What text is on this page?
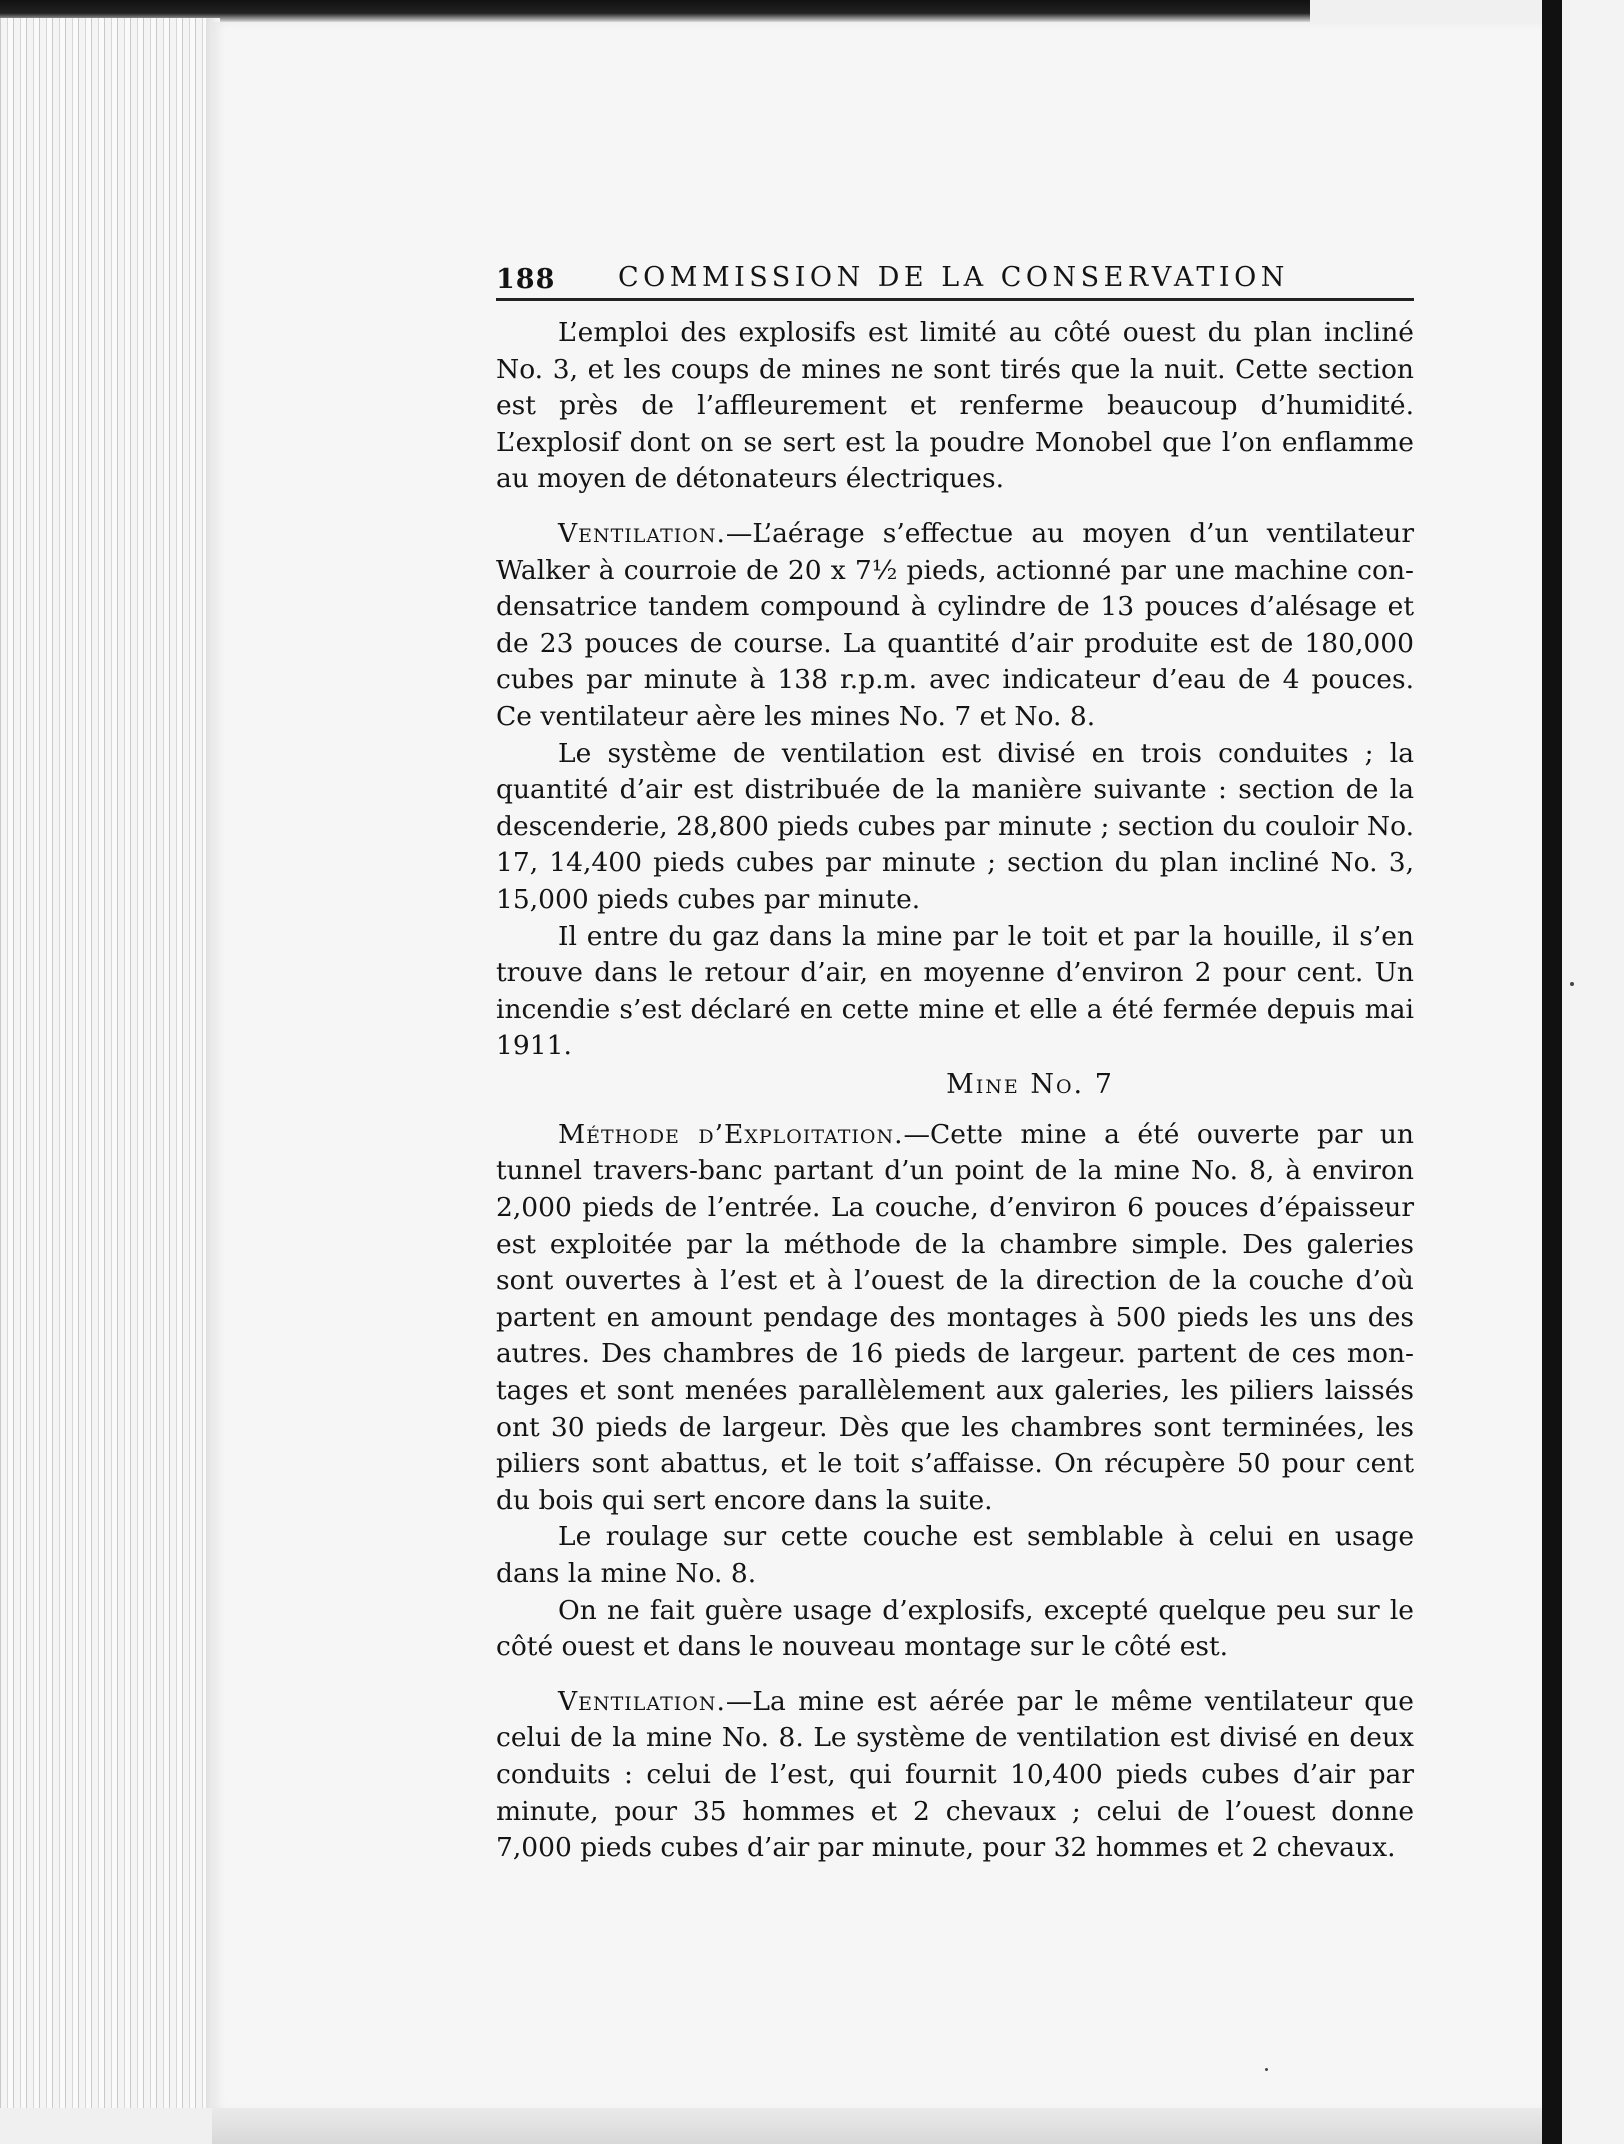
188 COMMISSION DE LA CONSERVATION

L’emploi des explosifs est limité au côté ouest du plan incliné No. 3, et les coups de mines ne sont tirés que la nuit. Cette section est près de l’affleurement et renferme beaucoup d’humidité. L’explosif dont on se sert est la poudre Monobel que l’on enflamme au moyen de détonateurs électriques.

Ventilation.—L’aérage s’effectue au moyen d’un ventilateur Walker à courroie de 20 x 7½ pieds, actionné par une machine condensatrice tandem compound à cylindre de 13 pouces d’alésage et de 23 pouces de course. La quantité d’air produite est de 180,000 cubes par minute à 138 r.p.m. avec indicateur d’eau de 4 pouces. Ce ventilateur aère les mines No. 7 et No. 8.

Le système de ventilation est divisé en trois conduites ; la quantité d’air est distribuée de la manière suivante : section de la descenderie, 28,800 pieds cubes par minute ; section du couloir No. 17, 14,400 pieds cubes par minute ; section du plan incliné No. 3, 15,000 pieds cubes par minute.

Il entre du gaz dans la mine par le toit et par la houille, il s’en trouve dans le retour d’air, en moyenne d’environ 2 pour cent. Un incendie s’est déclaré en cette mine et elle a été fermée depuis mai 1911.

Mine No. 7

Méthode d’Exploitation.—Cette mine a été ouverte par un tunnel travers-banc partant d’un point de la mine No. 8, à environ 2,000 pieds de l’entrée. La couche, d’environ 6 pouces d’épaisseur est exploitée par la méthode de la chambre simple. Des galeries sont ouvertes à l’est et à l’ouest de la direction de la couche d’où partent en amount pendage des montages à 500 pieds les uns des autres. Des chambres de 16 pieds de largeur. partent de ces montages et sont menées parallèlement aux galeries, les piliers laissés ont 30 pieds de largeur. Dès que les chambres sont terminées, les piliers sont abattus, et le toit s’affaisse. On récupère 50 pour cent du bois qui sert encore dans la suite.

Le roulage sur cette couche est semblable à celui en usage dans la mine No. 8.

On ne fait guère usage d’explosifs, excepté quelque peu sur le côté ouest et dans le nouveau montage sur le côté est.

Ventilation.—La mine est aérée par le même ventilateur que celui de la mine No. 8. Le système de ventilation est divisé en deux conduits : celui de l’est, qui fournit 10,400 pieds cubes d’air par minute, pour 35 hommes et 2 chevaux ; celui de l’ouest donne 7,000 pieds cubes d’air par minute, pour 32 hommes et 2 chevaux.
